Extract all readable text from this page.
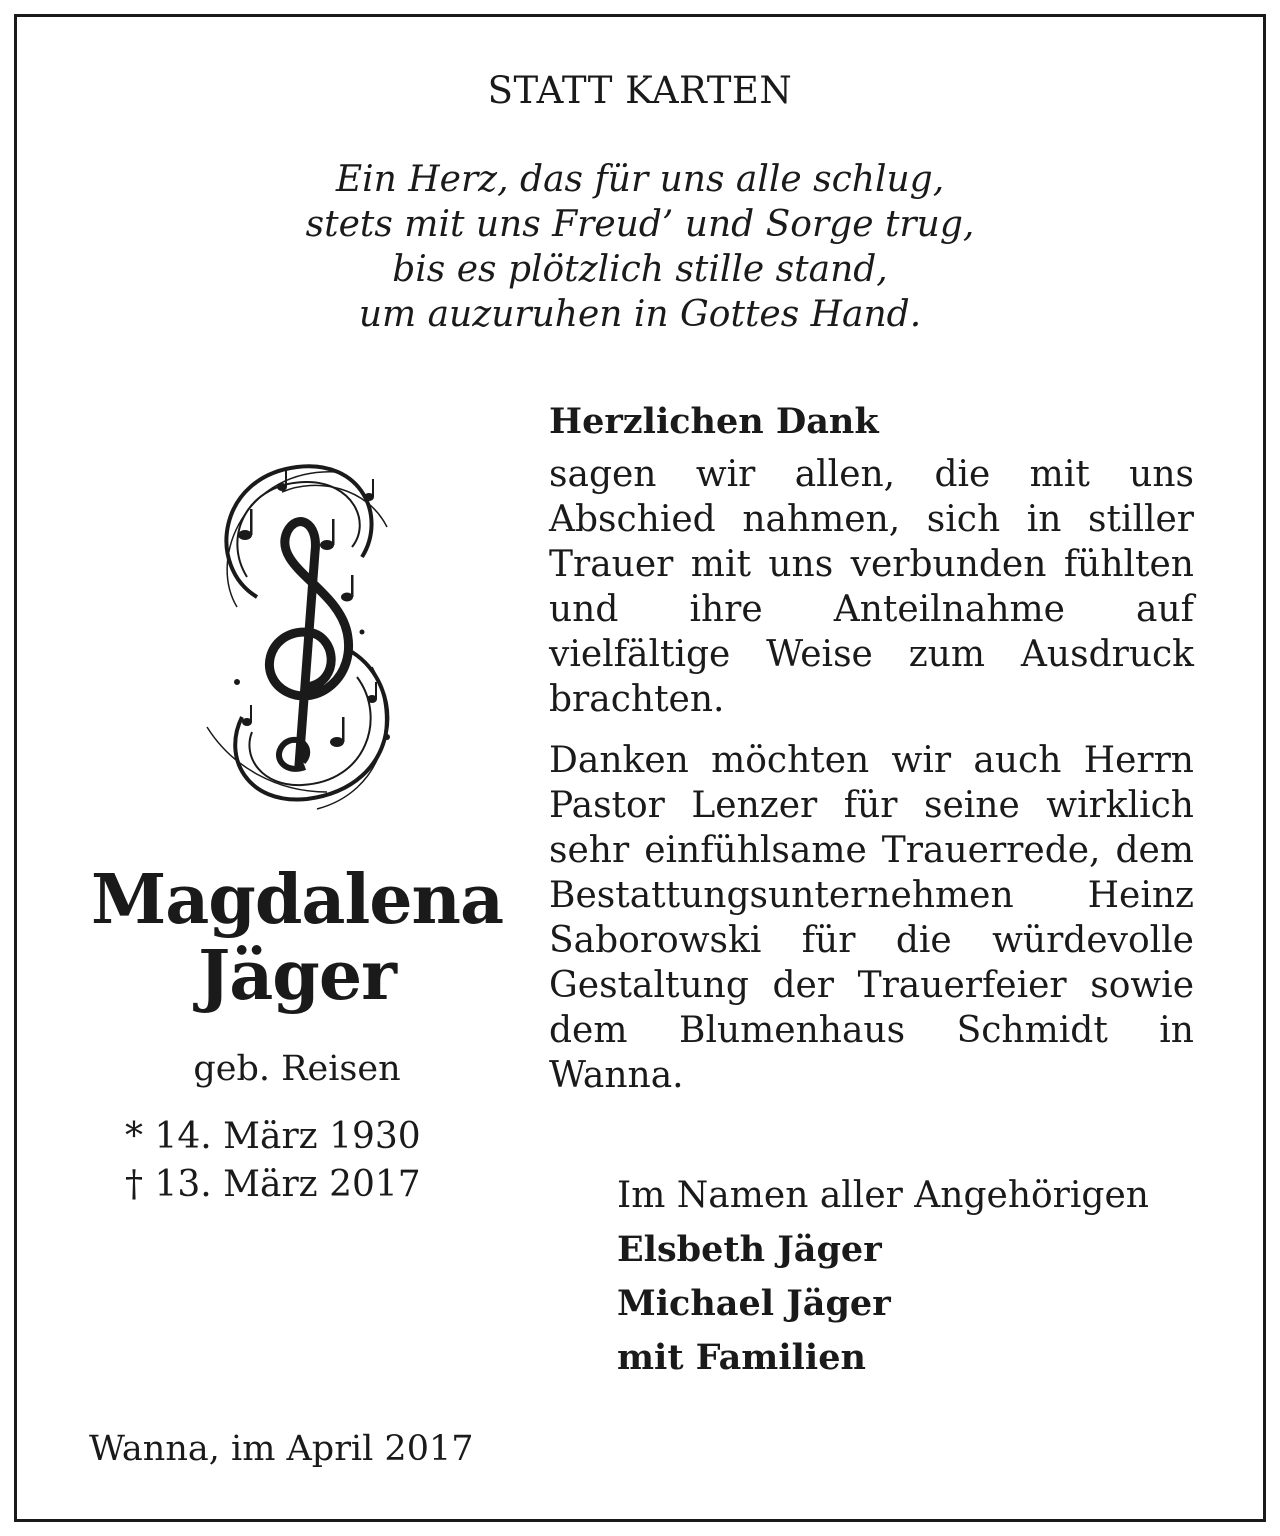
STATT KARTEN
Ein Herz, das für uns alle schlug,
stets mit uns Freud’ und Sorge trug,
bis es plötzlich stille stand,
um auzuruhen in Gottes Hand.
Magdalena
Jäger
geb. Reisen
* 14. März 1930
† 13. März 2017
Herzlichen Dank

sagen wir allen, die mit uns Abschied nahmen, sich in stiller Trauer mit uns verbunden fühlten und ihre Anteilnahme auf vielfältige Weise zum Ausdruck brachten.

Danken möchten wir auch Herrn Pastor Lenzer für seine wirklich sehr einfühlsame Trauerrede, dem Bestattungsunternehmen Heinz Saborowski für die würdevolle Gestaltung der Trauerfeier sowie dem Blumenhaus Schmidt in Wanna.

Im Namen aller Angehörigen
Elsbeth Jäger
Michael Jäger
mit Familien
Wanna, im April 2017
